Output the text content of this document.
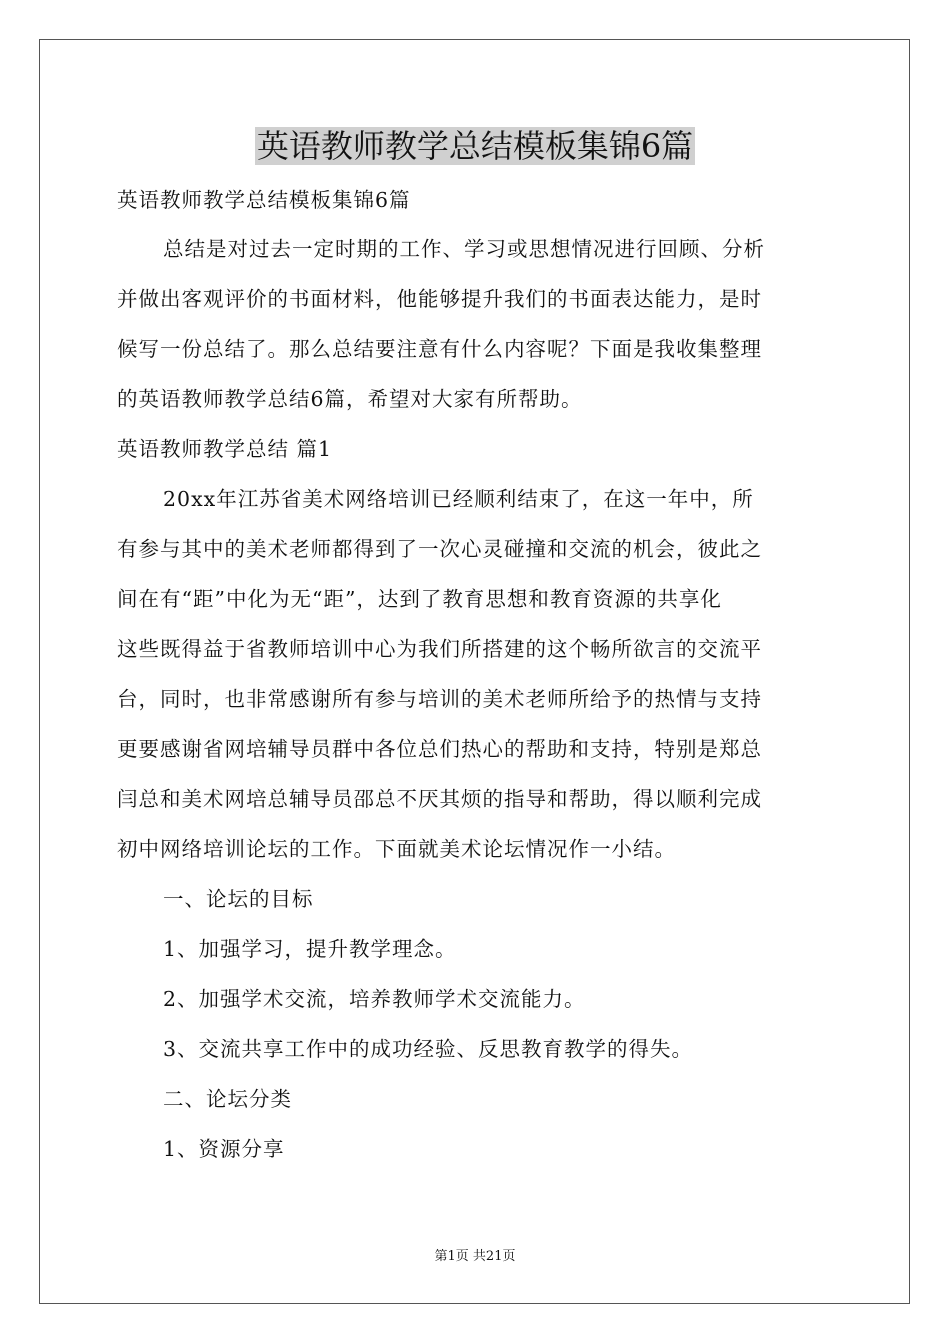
英语教师教学总结模板集锦6篇
英语教师教学总结模板集锦6篇
总结是对过去一定时期的工作、学习或思想情况进行回顾、分析
并做出客观评价的书面材料，他能够提升我们的书面表达能力，是时
候写一份总结了。那么总结要注意有什么内容呢？下面是我收集整理
的英语教师教学总结6篇，希望对大家有所帮助。
英语教师教学总结 篇1
20xx年江苏省美术网络培训已经顺利结束了，在这一年中，所
有参与其中的美术老师都得到了一次心灵碰撞和交流的机会，彼此之
间在有“距”中化为无“距”，达到了教育思想和教育资源的共享化
这些既得益于省教师培训中心为我们所搭建的这个畅所欲言的交流平
台，同时，也非常感谢所有参与培训的美术老师所给予的热情与支持
更要感谢省网培辅导员群中各位总们热心的帮助和支持，特别是郑总
闫总和美术网培总辅导员邵总不厌其烦的指导和帮助，得以顺利完成
初中网络培训论坛的工作。下面就美术论坛情况作一小结。
一、论坛的目标
1、加强学习，提升教学理念。
2、加强学术交流，培养教师学术交流能力。
3、交流共享工作中的成功经验、反思教育教学的得失。
二、论坛分类
1、资源分享
第1页 共21页
